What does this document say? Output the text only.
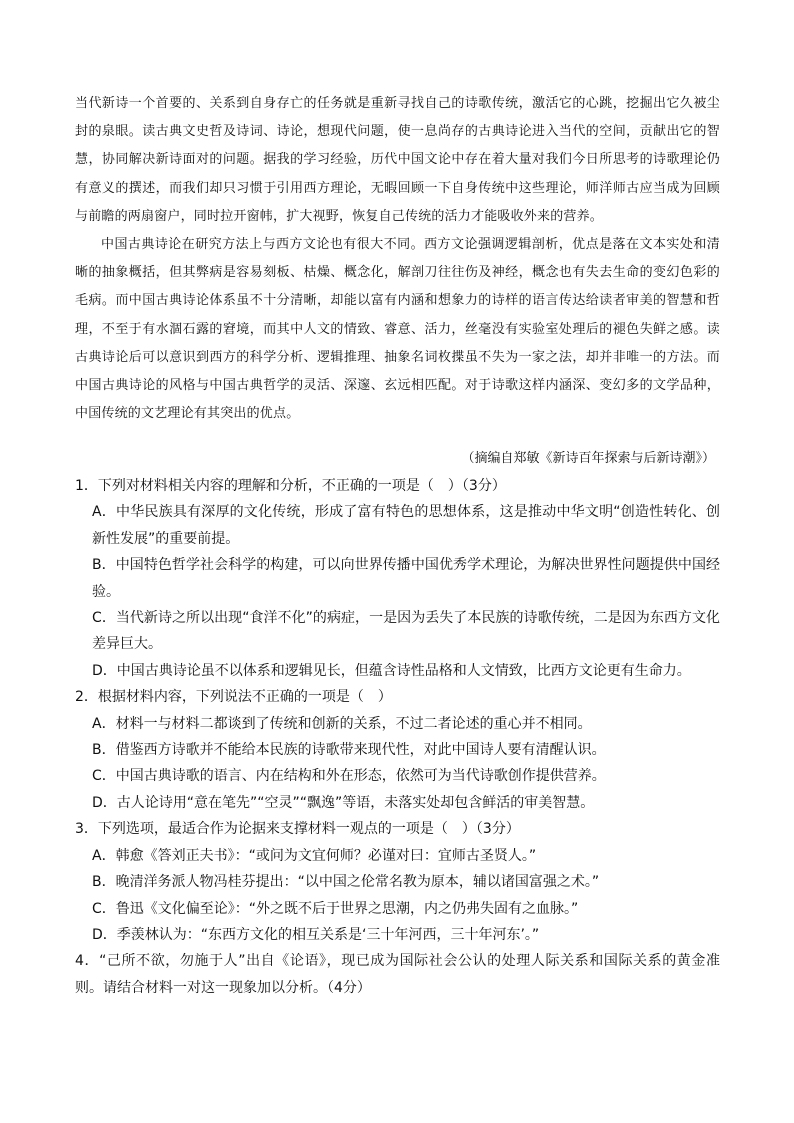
当代新诗一个首要的、关系到自身存亡的任务就是重新寻找自己的诗歌传统，激活它的心跳，挖掘出它久被尘封的泉眼。读古典文史哲及诗词、诗论，想现代问题，使一息尚存的古典诗论进入当代的空间，贡献出它的智慧，协同解决新诗面对的问题。据我的学习经验，历代中国文论中存在着大量对我们今日所思考的诗歌理论仍有意义的撰述，而我们却只习惯于引用西方理论，无暇回顾一下自身传统中这些理论，师洋师古应当成为回顾与前瞻的两扇窗户，同时拉开窗帏，扩大视野，恢复自己传统的活力才能吸收外来的营养。

中国古典诗论在研究方法上与西方文论也有很大不同。西方文论强调逻辑剖析，优点是落在文本实处和清晰的抽象概括，但其弊病是容易刻板、枯燥、概念化，解剖刀往往伤及神经，概念也有失去生命的变幻色彩的毛病。而中国古典诗论体系虽不十分清晰，却能以富有内涵和想象力的诗样的语言传达给读者审美的智慧和哲理，不至于有水涸石露的窘境，而其中人文的情致、睿意、活力，丝毫没有实验室处理后的褪色失鲜之感。读古典诗论后可以意识到西方的科学分析、逻辑推理、抽象名词枚揲虽不失为一家之法，却并非唯一的方法。而中国古典诗论的风格与中国古典哲学的灵活、深邃、玄远相匹配。对于诗歌这样内涵深、变幻多的文学品种，中国传统的文艺理论有其突出的优点。

（摘编自郑敏《新诗百年探索与后新诗潮》）

1．下列对材料相关内容的理解和分析，不正确的一项是（　）（3分）

A．中华民族具有深厚的文化传统，形成了富有特色的思想体系，这是推动中华文明“创造性转化、创新性发展”的重要前提。

B．中国特色哲学社会科学的构建，可以向世界传播中国优秀学术理论，为解决世界性问题提供中国经验。

C．当代新诗之所以出现“食洋不化”的病症，一是因为丢失了本民族的诗歌传统，二是因为东西方文化差异巨大。

D．中国古典诗论虽不以体系和逻辑见长，但蕴含诗性品格和人文情致，比西方文论更有生命力。

2．根据材料内容，下列说法不正确的一项是（　）

A．材料一与材料二都谈到了传统和创新的关系，不过二者论述的重心并不相同。

B．借鉴西方诗歌并不能给本民族的诗歌带来现代性，对此中国诗人要有清醒认识。

C．中国古典诗歌的语言、内在结构和外在形态，依然可为当代诗歌创作提供营养。

D．古人论诗用“意在笔先”“空灵”“飘逸”等语，未落实处却包含鲜活的审美智慧。

3．下列选项，最适合作为论据来支撑材料一观点的一项是（　）（3分）

A．韩愈《答刘正夫书》：“或问为文宜何师？必谨对曰：宜师古圣贤人。”

B．晚清洋务派人物冯桂芬提出：“以中国之伦常名教为原本，辅以诸国富强之术。”

C．鲁迅《文化偏至论》：“外之既不后于世界之思潮，内之仍弗失固有之血脉。”

D．季羡林认为：“东西方文化的相互关系是‘三十年河西，三十年河东’。”

4．“己所不欲，勿施于人”出自《论语》，现已成为国际社会公认的处理人际关系和国际关系的黄金准则。请结合材料一对这一现象加以分析。（4分）
